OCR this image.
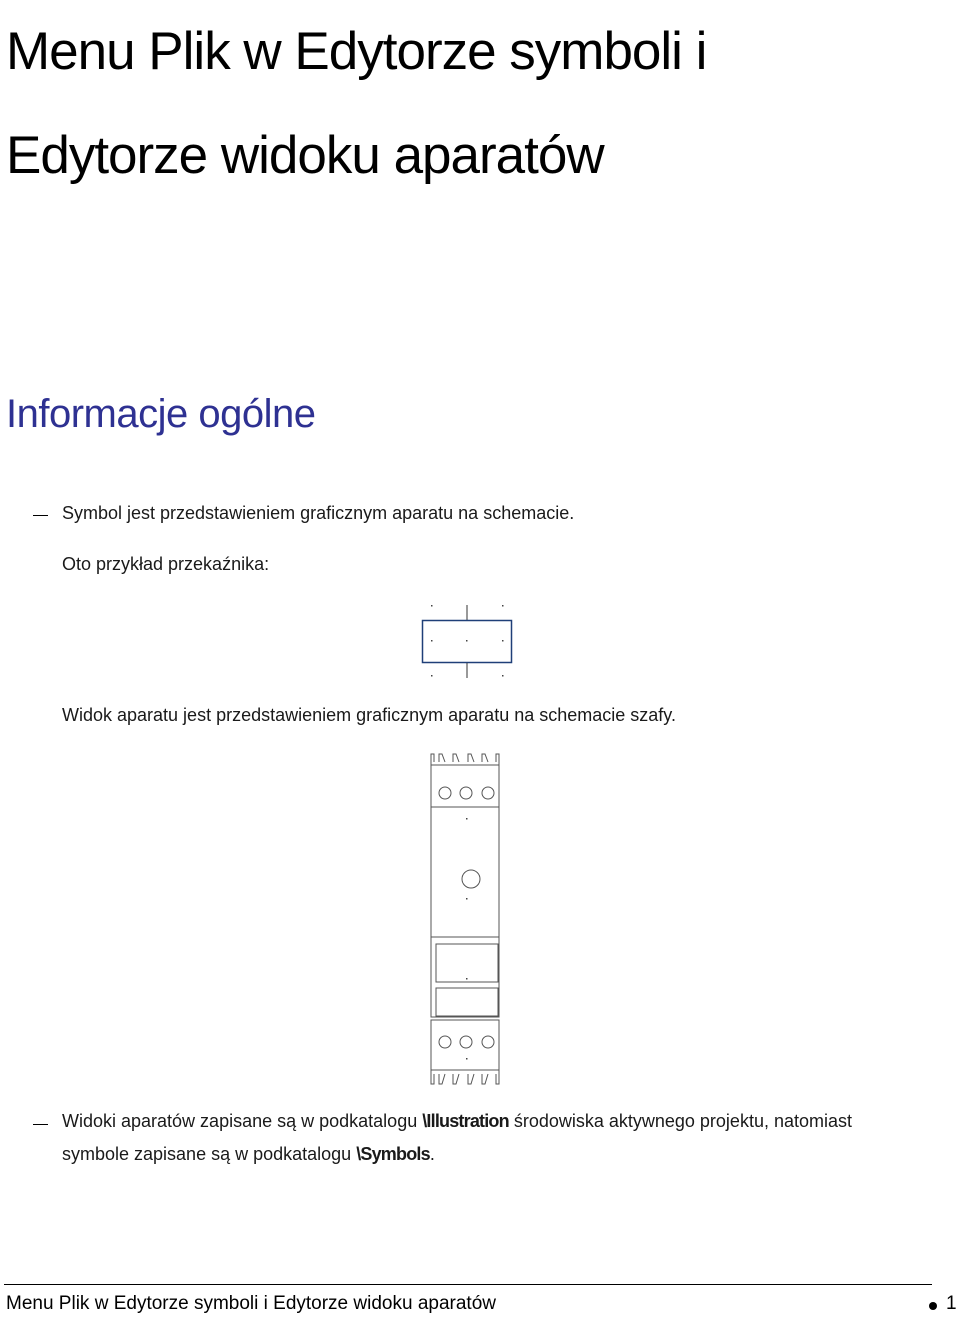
Menu Plik w Edytorze symboli i
Edytorze widoku aparatów
Informacje ogólne
Symbol jest przedstawieniem graficznym aparatu na schemacie.
Oto przykład przekaźnika:
Widok aparatu jest przedstawieniem graficznym aparatu na schemacie szafy.
Widoki aparatów zapisane są w podkatalogu \Illustration środowiska aktywnego projektu, natomiast
symbole zapisane są w podkatalogu \Symbols.
Menu Plik w Edytorze symboli i Edytorze widoku aparatów	1
